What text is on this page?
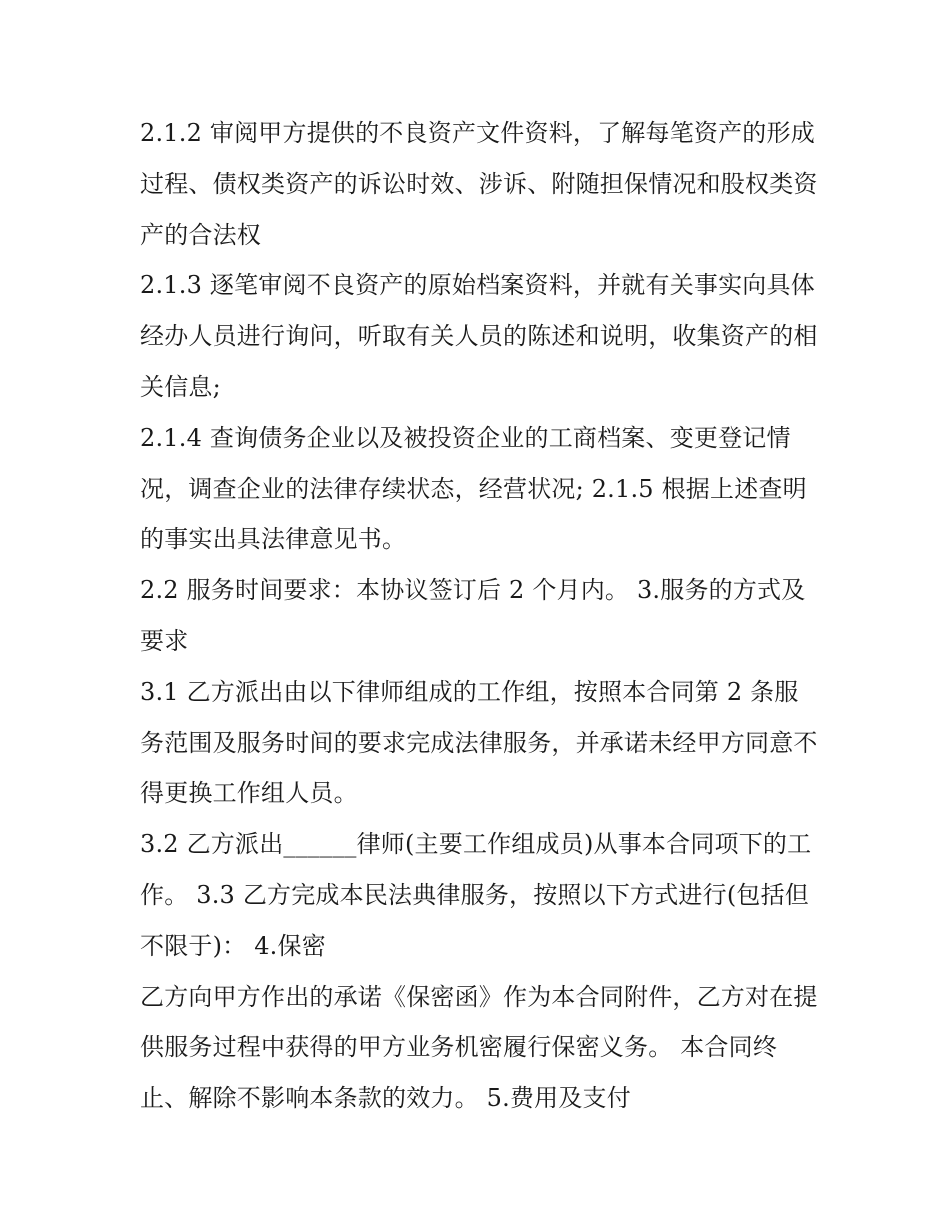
2.1.2 审阅甲方提供的不良资产文件资料，了解每笔资产的形成过程、债权类资产的诉讼时效、涉诉、附随担保情况和股权类资产的合法权

2.1.3 逐笔审阅不良资产的原始档案资料，并就有关事实向具体经办人员进行询问，听取有关人员的陈述和说明，收集资产的相关信息;

2.1.4 查询债务企业以及被投资企业的工商档案、变更登记情况，调查企业的法律存续状态，经营状况; 2.1.5 根据上述查明的事实出具法律意见书。

2.2 服务时间要求：本协议签订后 2 个月内。 3.服务的方式及要求

3.1 乙方派出由以下律师组成的工作组，按照本合同第 2 条服务范围及服务时间的要求完成法律服务，并承诺未经甲方同意不得更换工作组人员。

3.2 乙方派出______律师(主要工作组成员)从事本合同项下的工作。 3.3 乙方完成本民法典律服务，按照以下方式进行(包括但不限于)： 4.保密

乙方向甲方作出的承诺《保密函》作为本合同附件，乙方对在提供服务过程中获得的甲方业务机密履行保密义务。 本合同终止、解除不影响本条款的效力。 5.费用及支付
